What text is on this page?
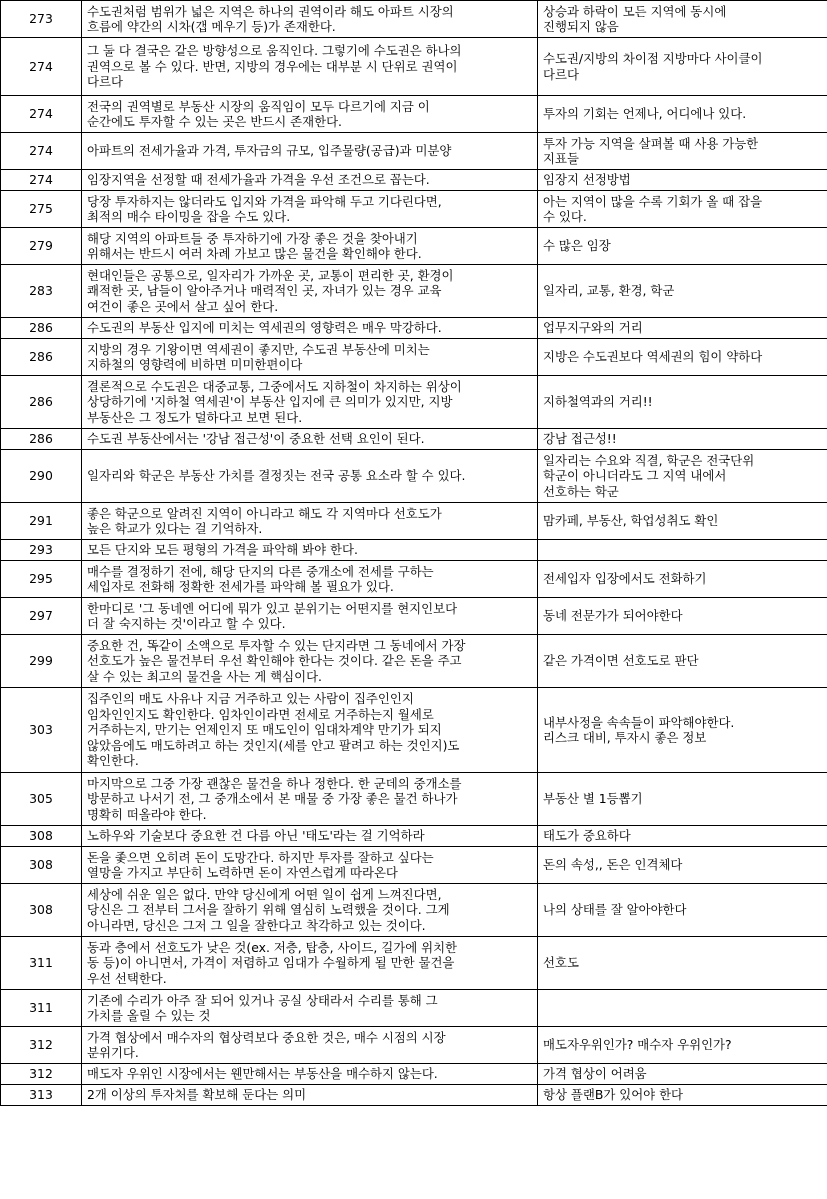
273	수도권처럼 범위가 넓은 지역은 하나의 권역이라 해도 아파트 시장의
흐름에 약간의 시차(갭 메우기 등)가 존재한다.	상승과 하락이 모든 지역에 동시에
진행되지 않음
274	그 둘 다 결국은 같은 방향성으로 움직인다. 그렇기에 수도권은 하나의
권역으로 볼 수 있다. 반면, 지방의 경우에는 대부분 시 단위로 권역이
다르다	수도권/지방의 차이점 지방마다 사이클이
다르다
274	전국의 권역별로 부동산 시장의 움직임이 모두 다르기에 지금 이
순간에도 투자할 수 있는 곳은 반드시 존재한다.	투자의 기회는 언제나, 어디에나 있다.
274	아파트의 전세가율과 가격, 투자금의 규모, 입주물량(공급)과 미분양	투자 가능 지역을 살펴볼 때 사용 가능한
지표들
274	임장지역을 선정할 때 전세가율과 가격을 우선 조건으로 꼽는다.	임장지 선정방법
275	당장 투자하지는 않더라도 입지와 가격을 파악해 두고 기다린다면,
최적의 매수 타이밍을 잡을 수도 있다.	아는 지역이 많을 수록 기회가 올 때 잡을
수 있다.
279	해당 지역의 아파트들 중 투자하기에 가장 좋은 것을 찾아내기
위해서는 반드시 여러 차례 가보고 많은 물건을 확인해야 한다.	수 많은 임장
283	현대인들은 공통으로, 일자리가 가까운 곳, 교통이 편리한 곳, 환경이
쾌적한 곳, 남들이 알아주거나 매력적인 곳, 자녀가 있는 경우 교육
여건이 좋은 곳에서 살고 싶어 한다.	일자리, 교통, 환경, 학군
286	수도권의 부동산 입지에 미치는 역세권의 영향력은 매우 막강하다.	업무지구와의 거리
286	지방의 경우 기왕이면 역세권이 좋지만, 수도권 부동산에 미치는
지하철의 영향력에 비하면 미미한편이다	지방은 수도권보다 역세권의 힘이 약하다
286	결론적으로 수도권은 대중교통, 그중에서도 지하철이 차지하는 위상이
상당하기에 '지하철 역세권'이 부동산 입지에 큰 의미가 있지만, 지방
부동산은 그 정도가 덜하다고 보면 된다.	지하철역과의 거리!!
286	수도권 부동산에서는 '강남 접근성'이 중요한 선택 요인이 된다.	강남 접근성!!
290	일자리와 학군은 부동산 가치를 결정짓는 전국 공통 요소라 할 수 있다.	일자리는 수요와 직결, 학군은 전국단위
학군이 아니더라도 그 지역 내에서
선호하는 학군
291	좋은 학군으로 알려진 지역이 아니라고 해도 각 지역마다 선호도가
높은 학교가 있다는 걸 기억하자.	맘카페, 부동산, 학업성취도 확인
293	모든 단지와 모든 평형의 가격을 파악해 봐야 한다.	
295	매수를 결정하기 전에, 해당 단지의 다른 중개소에 전세를 구하는
세입자로 전화해 정확한 전세가를 파악해 볼 필요가 있다.	전세입자 입장에서도 전화하기
297	한마디로 '그 동네엔 어디에 뭐가 있고 분위기는 어떤지를 현지인보다
더 잘 숙지하는 것'이라고 할 수 있다.	동네 전문가가 되어야한다
299	중요한 건, 똑같이 소액으로 투자할 수 있는 단지라면 그 동네에서 가장
선호도가 높은 물건부터 우선 확인해야 한다는 것이다. 같은 돈을 주고
살 수 있는 최고의 물건을 사는 게 핵심이다.	같은 가격이면 선호도로 판단
303	집주인의 매도 사유나 지금 거주하고 있는 사람이 집주인인지
임차인인지도 확인한다. 임차인이라면 전세로 거주하는지 월세로
거주하는지, 만기는 언제인지 또 매도인이 임대차계약 만기가 되지
않았음에도 매도하려고 하는 것인지(세를 안고 팔려고 하는 것인지)도
확인한다.	내부사정을 속속들이 파악해야한다.
리스크 대비, 투자시 좋은 정보
305	마지막으로 그중 가장 괜찮은 물건을 하나 정한다. 한 군데의 중개소를
방문하고 나서기 전, 그 중개소에서 본 매물 중 가장 좋은 물건 하나가
명확히 떠올라야 한다.	부동산 별 1등뽑기
308	노하우와 기술보다 중요한 건 다름 아닌 '태도'라는 걸 기억하라	태도가 중요하다
308	돈을 좇으면 오히려 돈이 도망간다. 하지만 투자를 잘하고 싶다는
열망을 가지고 부단히 노력하면 돈이 자연스럽게 따라온다	돈의 속성,, 돈은 인격체다
308	세상에 쉬운 일은 없다. 만약 당신에게 어떤 일이 쉽게 느껴진다면,
당신은 그 전부터 그서을 잘하기 위해 열심히 노력했을 것이다. 그게
아니라면, 당신은 그저 그 일을 잘한다고 착각하고 있는 것이다.	나의 상태를 잘 알아야한다
311	동과 층에서 선호도가 낮은 것(ex. 저층, 탑층, 사이드, 길가에 위치한
동 등)이 아니면서, 가격이 저렴하고 임대가 수월하게 될 만한 물건을
우선 선택한다.	선호도
311	기존에 수리가 아주 잘 되어 있거나 공실 상태라서 수리를 통해 그
가치를 올릴 수 있는 것	
312	가격 협상에서 매수자의 협상력보다 중요한 것은, 매수 시점의 시장
분위기다.	매도자우위인가? 매수자 우위인가?
312	매도자 우위인 시장에서는 웬만해서는 부동산을 매수하지 않는다.	가격 협상이 어려움
313	2개 이상의 투자처를 확보해 둔다는 의미	항상 플랜B가 있어야 한다
